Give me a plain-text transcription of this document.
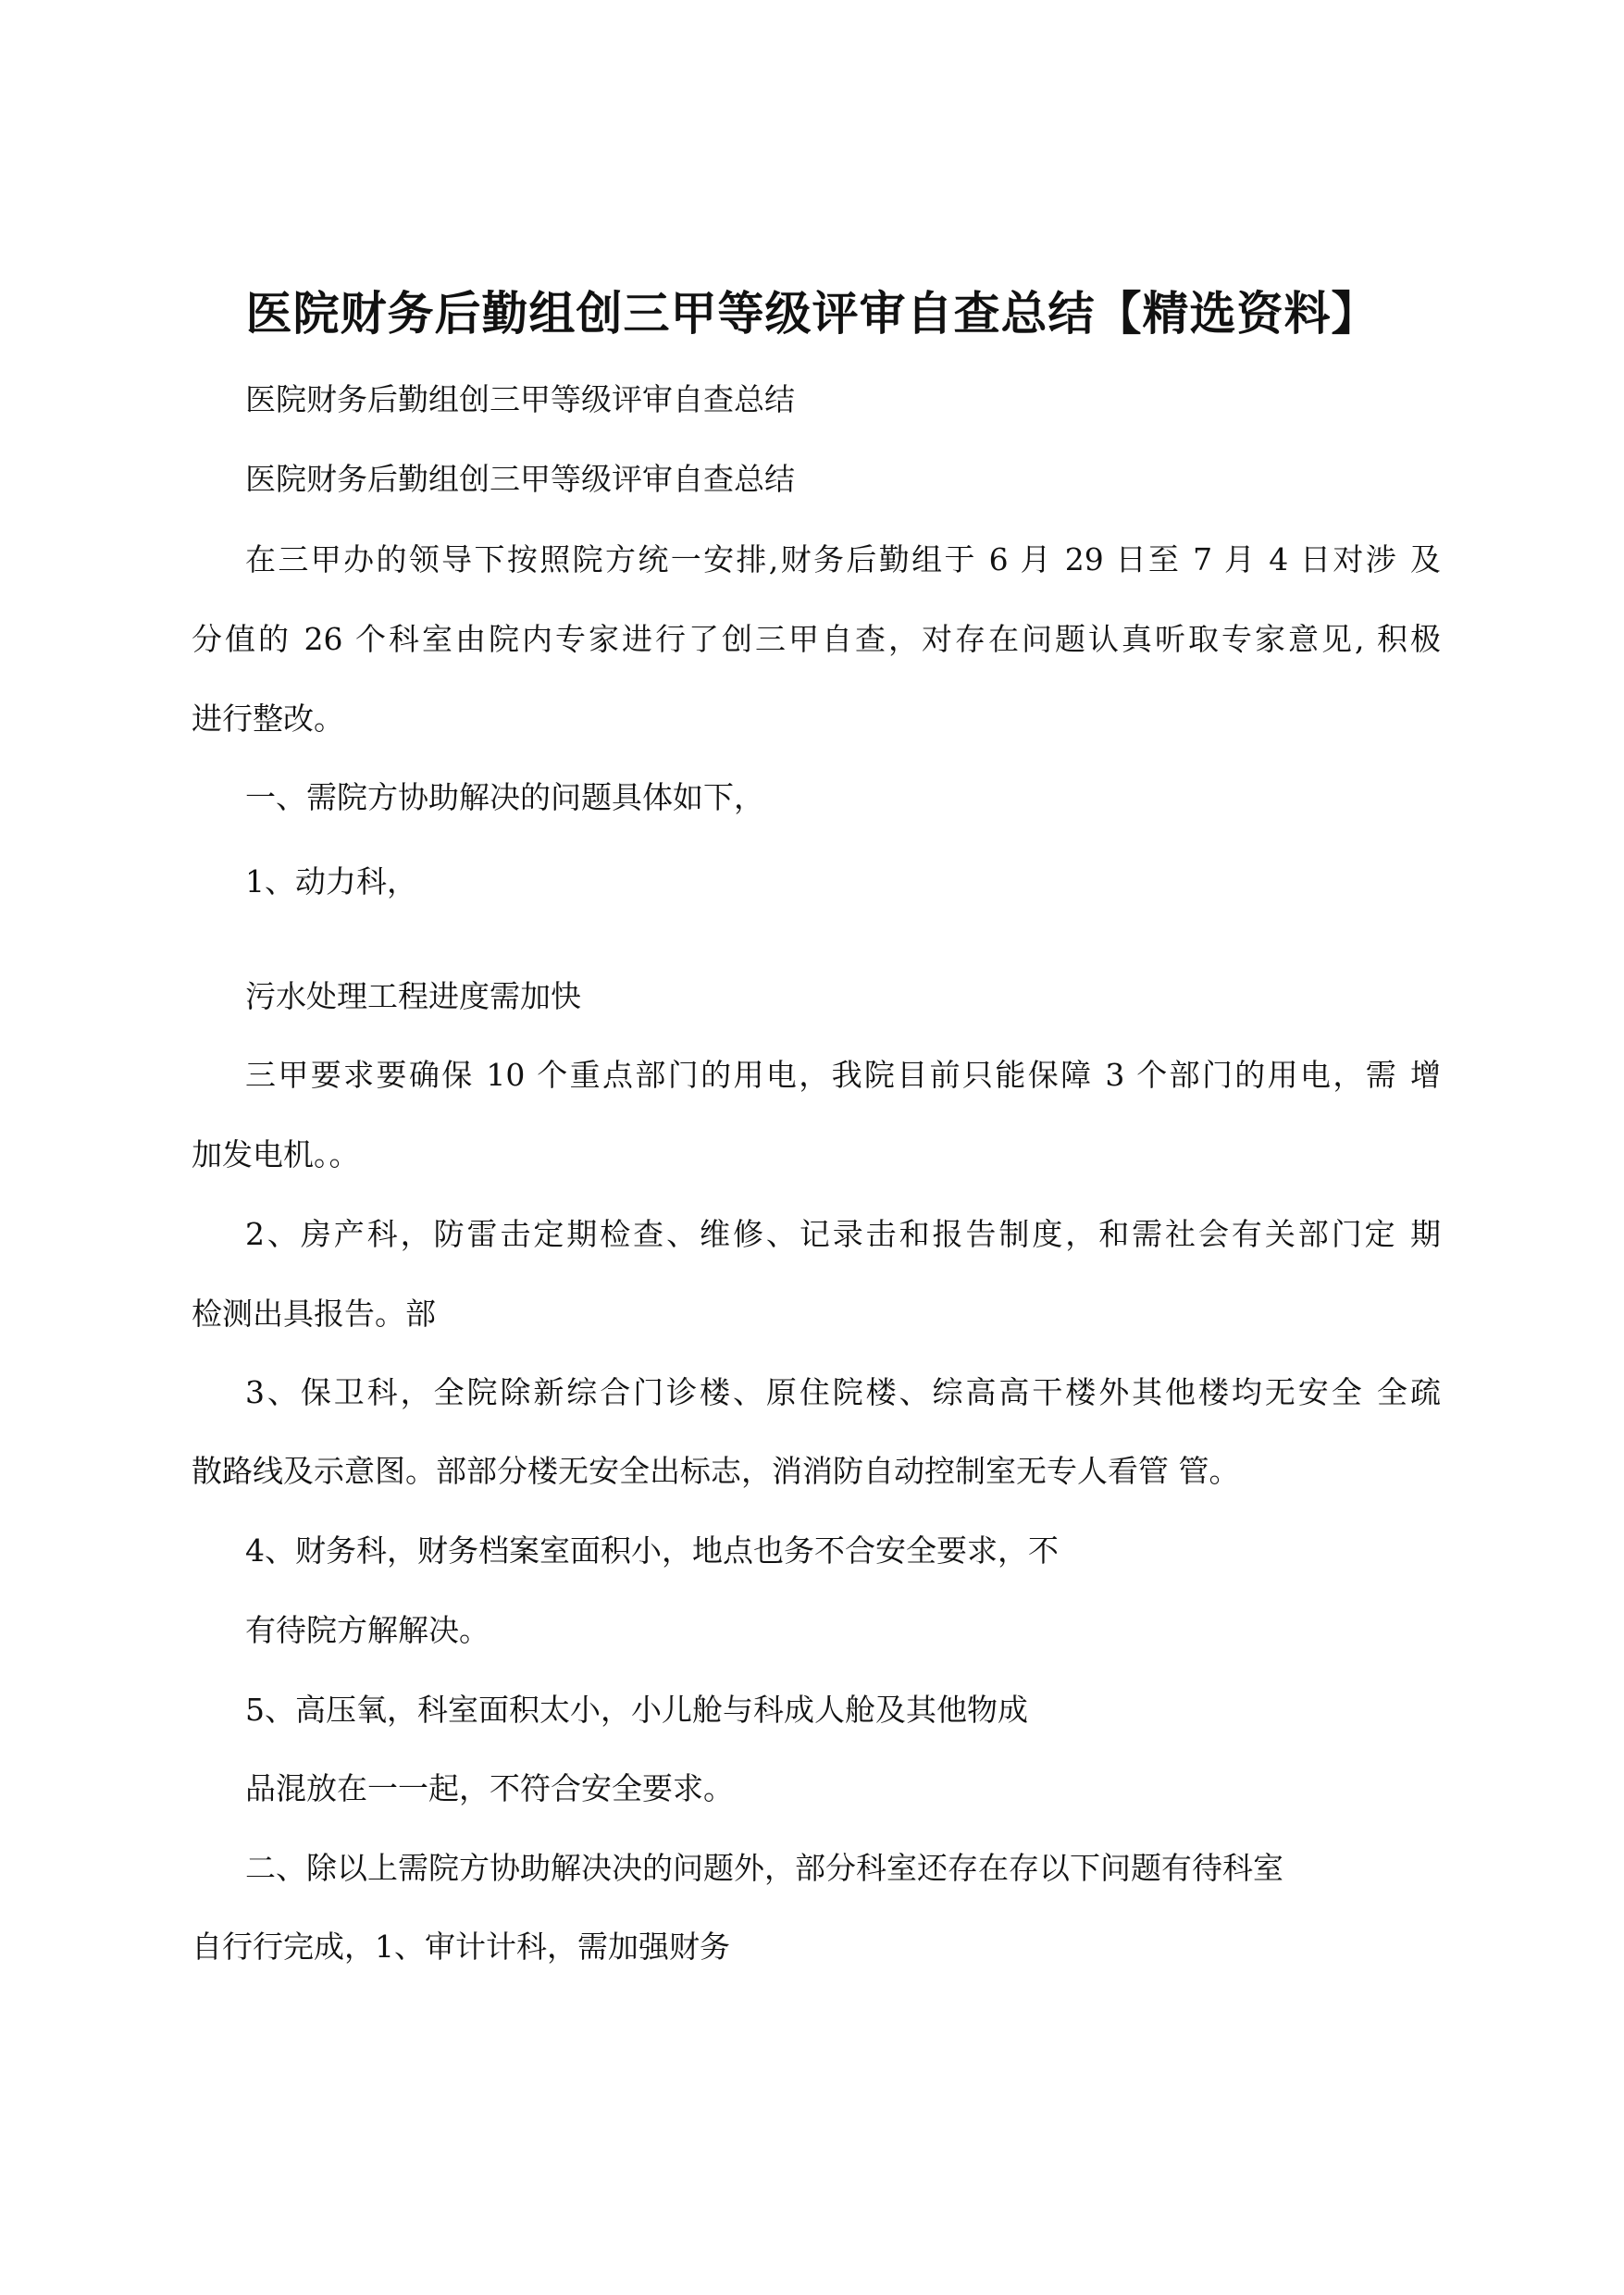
医院财务后勤组创三甲等级评审自查总结【精选资料】
医院财务后勤组创三甲等级评审自查总结
医院财务后勤组创三甲等级评审自查总结
在三甲办的领导下按照院方统一安排,财务后勤组于 6 月 29 日至 7 月 4 日对涉 及
分值的 26 个科室由院内专家进行了创三甲自查，对存在问题认真听取专家意见, 积极
进行整改。
一、需院方协助解决的问题具体如下，
1、动力科，
污水处理工程进度需加快
三甲要求要确保 10 个重点部门的用电，我院目前只能保障 3 个部门的用电，需 增
加发电机。。
2、房产科，防雷击定期检查、维修、记录击和报告制度，和需社会有关部门定 期
检测出具报告。部
3、保卫科，全院除新综合门诊楼、原住院楼、综高高干楼外其他楼均无安全 全疏
散路线及示意图。部部分楼无安全出标志，消消防自动控制室无专人看管 管。
4、财务科，财务档案室面积小，地点也务不合安全要求，不
有待院方解解决。
5、高压氧，科室面积太小，小儿舱与科成人舱及其他物成
品混放在一一起，不符合安全要求。
二、除以上需院方协助解决决的问题外，部分科室还存在存以下问题有待科室
自行行完成，1、审计计科，需加强财务
